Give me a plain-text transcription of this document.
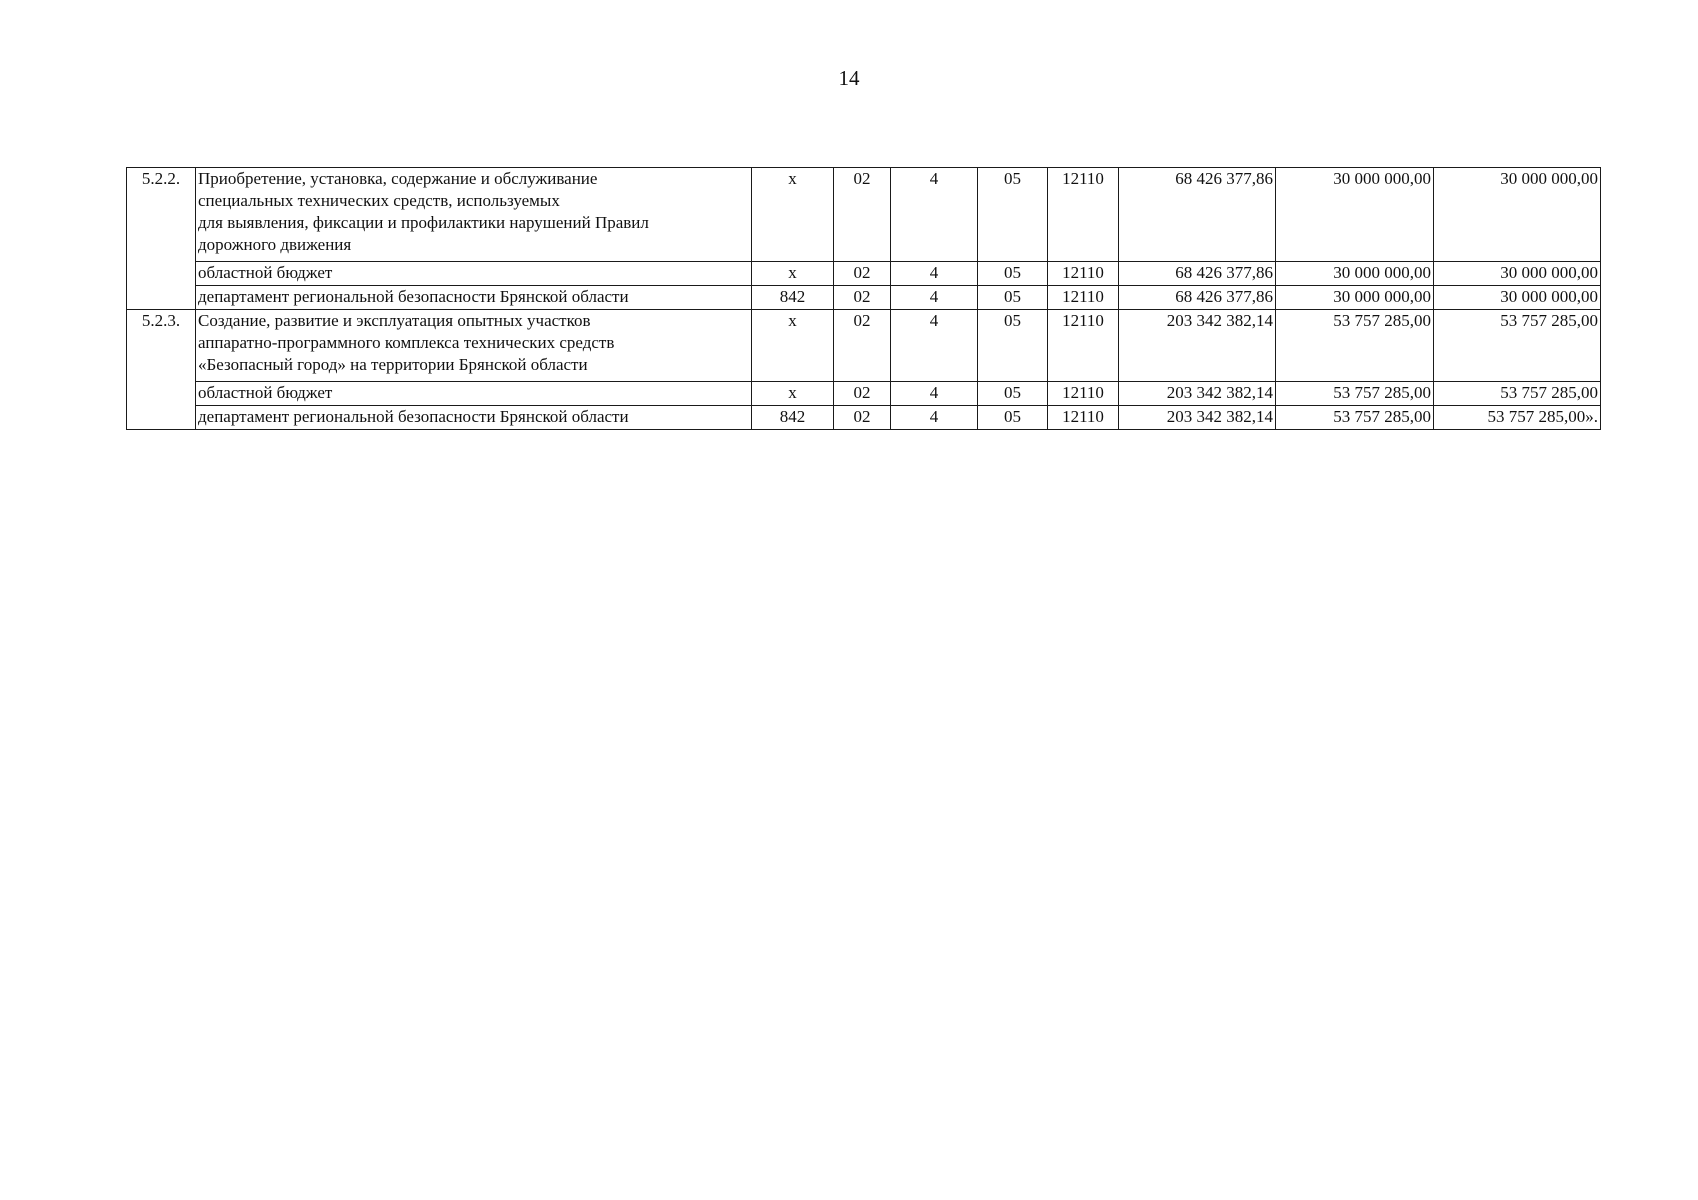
14
5.2.2.	Приобретение, установка, содержание и обслуживание
специальных технических средств, используемых
для выявления, фиксации и профилактики нарушений Правил
дорожного движения	х	02	4	05	12110	68 426 377,86	30 000 000,00	30 000 000,00
	областной бюджет	х	02	4	05	12110	68 426 377,86	30 000 000,00	30 000 000,00
	департамент региональной безопасности Брянской области	842	02	4	05	12110	68 426 377,86	30 000 000,00	30 000 000,00
5.2.3.	Создание, развитие и эксплуатация опытных участков
аппаратно-программного комплекса технических средств
«Безопасный город» на территории Брянской области	х	02	4	05	12110	203 342 382,14	53 757 285,00	53 757 285,00
	областной бюджет	х	02	4	05	12110	203 342 382,14	53 757 285,00	53 757 285,00
	департамент региональной безопасности Брянской области	842	02	4	05	12110	203 342 382,14	53 757 285,00	53 757 285,00».
